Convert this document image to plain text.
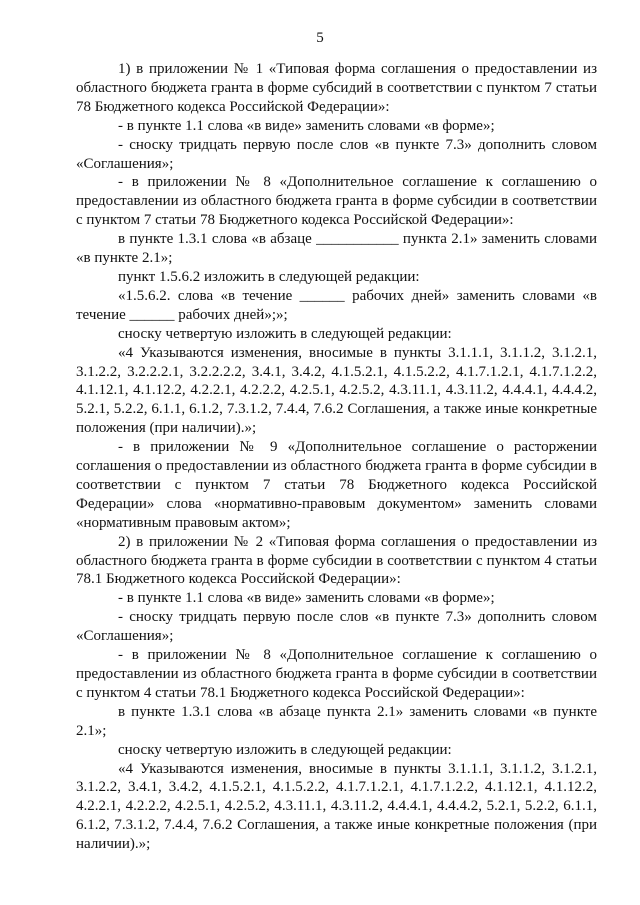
5

1) в приложении № 1 «Типовая форма соглашения о предоставлении из областного бюджета гранта в форме субсидий в соответствии с пунктом 7 статьи 78 Бюджетного кодекса Российской Федерации»:

- в пункте 1.1 слова «в виде» заменить словами «в форме»;

- сноску тридцать первую после слов «в пункте 7.3» дополнить словом «Соглашения»;

- в приложении № 8 «Дополнительное соглашение к соглашению о предоставлении из областного бюджета гранта в форме субсидии в соответствии с пунктом 7 статьи 78 Бюджетного кодекса Российской Федерации»:

в пункте 1.3.1 слова «в абзаце ___________ пункта 2.1» заменить словами «в пункте 2.1»;

пункт 1.5.6.2 изложить в следующей редакции:

«1.5.6.2. слова «в течение ______ рабочих дней» заменить словами «в течение ______ рабочих дней»;»;

сноску четвертую изложить в следующей редакции:

«4 Указываются изменения, вносимые в пункты 3.1.1.1, 3.1.1.2, 3.1.2.1, 3.1.2.2, 3.2.2.2.1, 3.2.2.2.2, 3.4.1, 3.4.2, 4.1.5.2.1, 4.1.5.2.2, 4.1.7.1.2.1, 4.1.7.1.2.2, 4.1.12.1, 4.1.12.2, 4.2.2.1, 4.2.2.2, 4.2.5.1, 4.2.5.2, 4.3.11.1, 4.3.11.2, 4.4.4.1, 4.4.4.2, 5.2.1, 5.2.2, 6.1.1, 6.1.2, 7.3.1.2, 7.4.4, 7.6.2 Соглашения, а также иные конкретные положения (при наличии).»;

- в приложении № 9 «Дополнительное соглашение о расторжении соглашения о предоставлении из областного бюджета гранта в форме субсидии в соответствии с пунктом 7 статьи 78 Бюджетного кодекса Российской Федерации» слова «нормативно-правовым документом» заменить словами «нормативным правовым актом»;

2) в приложении № 2 «Типовая форма соглашения о предоставлении из областного бюджета гранта в форме субсидии в соответствии с пунктом 4 статьи 78.1 Бюджетного кодекса Российской Федерации»:

- в пункте 1.1 слова «в виде» заменить словами «в форме»;

- сноску тридцать первую после слов «в пункте 7.3» дополнить словом «Соглашения»;

- в приложении № 8 «Дополнительное соглашение к соглашению о предоставлении из областного бюджета гранта в форме субсидии в соответствии с пунктом 4 статьи 78.1 Бюджетного кодекса Российской Федерации»:

в пункте 1.3.1 слова «в абзаце пункта 2.1» заменить словами «в пункте 2.1»;

сноску четвертую изложить в следующей редакции:

«4 Указываются изменения, вносимые в пункты 3.1.1.1, 3.1.1.2, 3.1.2.1, 3.1.2.2, 3.4.1, 3.4.2, 4.1.5.2.1, 4.1.5.2.2, 4.1.7.1.2.1, 4.1.7.1.2.2, 4.1.12.1, 4.1.12.2, 4.2.2.1, 4.2.2.2, 4.2.5.1, 4.2.5.2, 4.3.11.1, 4.3.11.2, 4.4.4.1, 4.4.4.2, 5.2.1, 5.2.2, 6.1.1, 6.1.2, 7.3.1.2, 7.4.4, 7.6.2 Соглашения, а также иные конкретные положения (при наличии).»;
